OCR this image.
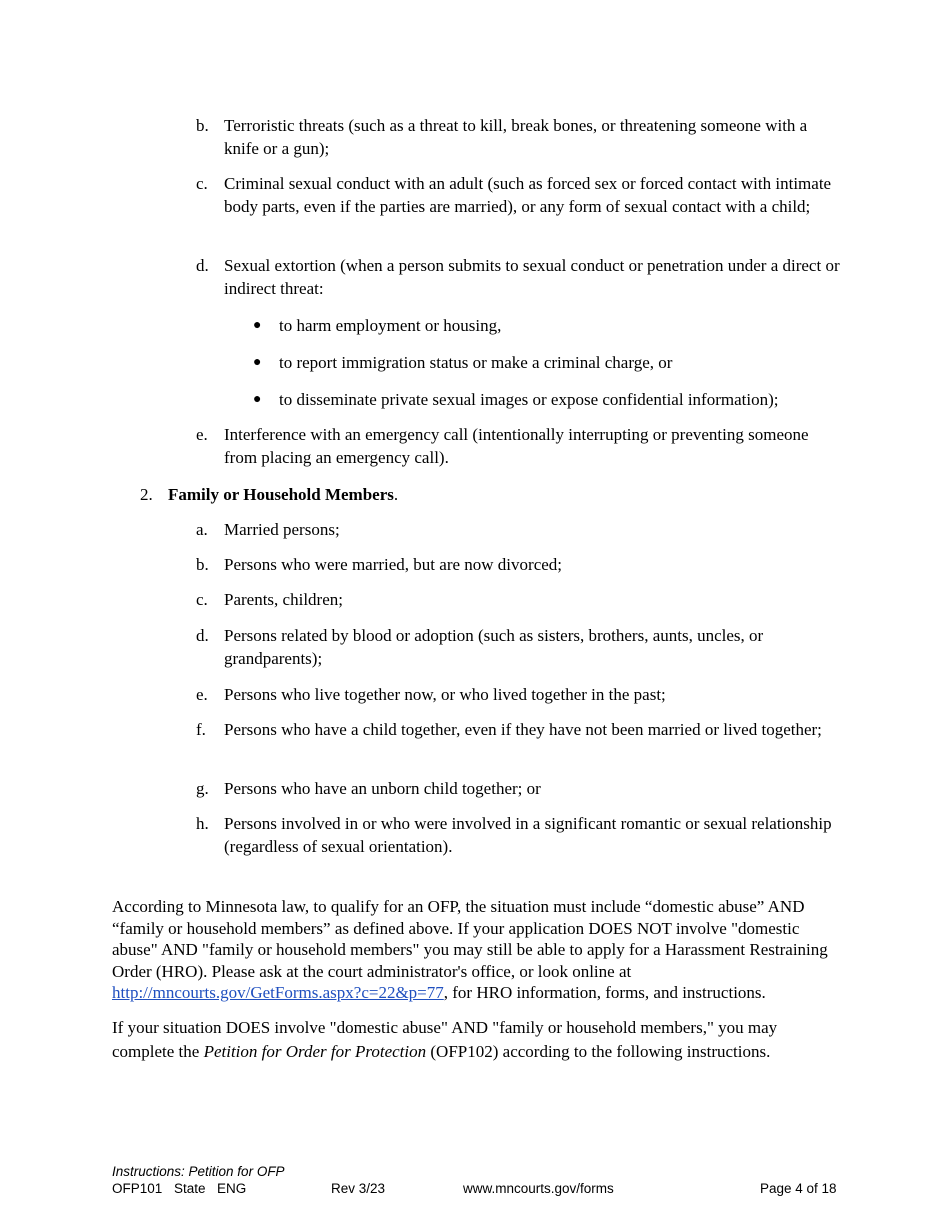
b. Terroristic threats (such as a threat to kill, break bones, or threatening someone with a knife or a gun);
c. Criminal sexual conduct with an adult (such as forced sex or forced contact with intimate body parts, even if the parties are married), or any form of sexual contact with a child;
d. Sexual extortion (when a person submits to sexual conduct or penetration under a direct or indirect threat:
● to harm employment or housing,
● to report immigration status or make a criminal charge, or
● to disseminate private sexual images or expose confidential information);
e. Interference with an emergency call (intentionally interrupting or preventing someone from placing an emergency call).
2. Family or Household Members.
a. Married persons;
b. Persons who were married, but are now divorced;
c. Parents, children;
d. Persons related by blood or adoption (such as sisters, brothers, aunts, uncles, or grandparents);
e. Persons who live together now, or who lived together in the past;
f.	Persons who have a child together, even if they have not been married or lived together;
g. Persons who have an unborn child together; or
h. Persons involved in or who were involved in a significant romantic or sexual relationship (regardless of sexual orientation).
According to Minnesota law, to qualify for an OFP, the situation must include “domestic abuse” AND “family or household members” as defined above. If your application DOES NOT involve "domestic abuse" AND "family or household members" you may still be able to apply for a Harassment Restraining Order (HRO). Please ask at the court administrator's office, or look online at http://mncourts.gov/GetForms.aspx?c=22&p=77, for HRO information, forms, and instructions.
If your situation DOES involve "domestic abuse" AND "family or household members," you may complete the Petition for Order for Protection (OFP102) according to the following instructions.
Instructions: Petition for OFP
OFP101 State ENG	Rev 3/23	www.mncourts.gov/forms	Page 4 of 18
